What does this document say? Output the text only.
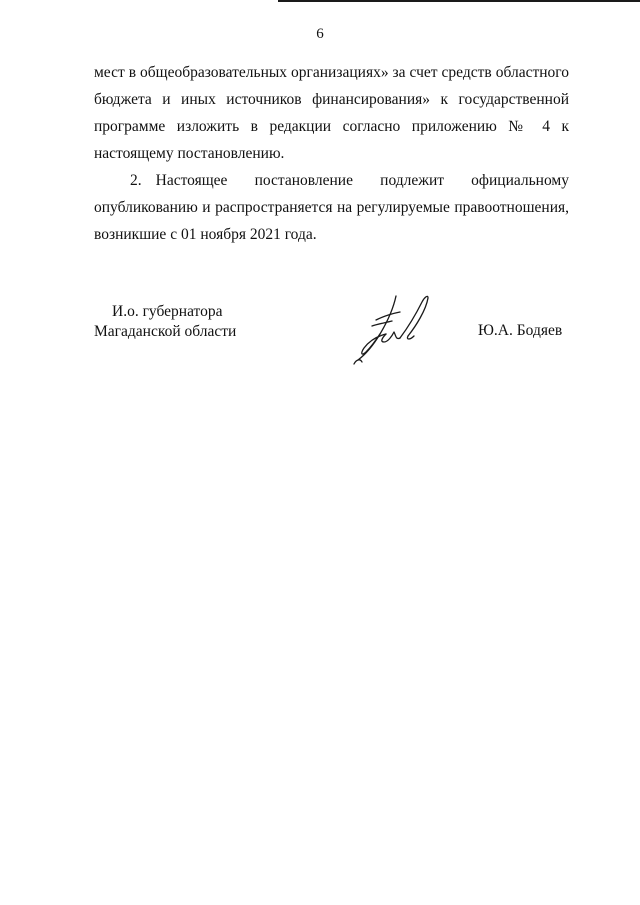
6

мест в общеобразовательных организациях» за счет средств областного бюджета и иных источников финансирования» к государственной программе изложить в редакции согласно приложению № 4 к настоящему постановлению.

2. Настоящее постановление подлежит официальному опубликованию и распространяется на регулируемые правоотношения, возникшие с 01 ноября 2021 года.

И.о. губернатора
Магаданской области	Ю.А. Бодяев
